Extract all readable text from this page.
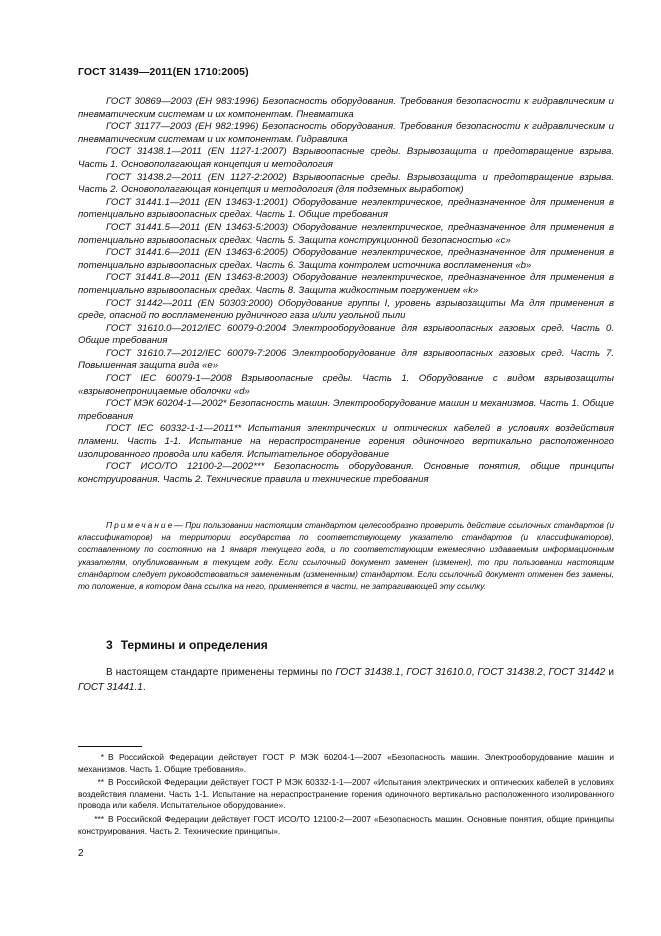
ГОСТ 31439—2011(EN 1710:2005)

ГОСТ 30869—2003 (ЕН 983:1996) Безопасность оборудования. Требования безопасности к гидравлическим и пневматическим системам и их компонентам. Пневматика

ГОСТ 31177—2003 (ЕН 982:1996) Безопасность оборудования. Требования безопасности к гидравлическим и пневматическим системам и их компонентам. Гидравлика

ГОСТ 31438.1—2011 (EN 1127-1:2007) Взрывоопасные среды. Взрывозащита и предотвращение взрыва. Часть 1. Основополагающая концепция и методология

ГОСТ 31438.2—2011 (EN 1127-2:2002) Взрывоопасные среды. Взрывозащита и предотвращение взрыва. Часть 2. Основополагающая концепция и методология (для подземных выработок)

ГОСТ 31441.1—2011 (EN 13463-1:2001) Оборудование неэлектрическое, предназначенное для применения в потенциально взрывоопасных средах. Часть 1. Общие требования

ГОСТ 31441.5—2011 (EN 13463-5:2003) Оборудование неэлектрическое, предназначенное для применения в потенциально взрывоопасных средах. Часть 5. Защита конструкционной безопасностью «с»

ГОСТ 31441.6—2011 (EN 13463-6:2005) Оборудование неэлектрическое, предназначенное для применения в потенциально взрывоопасных средах. Часть 6. Защита контролем источника воспламенения «b»

ГОСТ 31441.8—2011 (EN 13463-8:2003) Оборудование неэлектрическое, предназначенное для применения в потенциально взрывоопасных средах. Часть 8. Защита жидкостным погружением «k»

ГОСТ 31442—2011 (EN 50303:2000) Оборудование группы I, уровень взрывозащиты Ма для применения в среде, опасной по воспламенению рудничного газа и/или угольной пыли

ГОСТ 31610.0—2012/IEC 60079-0:2004 Электрооборудование для взрывоопасных газовых сред. Часть 0. Общие требования

ГОСТ 31610.7—2012/IEC 60079-7:2006 Электрооборудование для взрывоопасных газовых сред. Часть 7. Повышенная защита вида «е»

ГОСТ IEC 60079-1—2008 Взрывоопасные среды. Часть 1. Оборудование с видом взрывозащиты «взрывонепроницаемые оболочки «d»

ГОСТ МЭК 60204-1—2002* Безопасность машин. Электрооборудование машин и механизмов. Часть 1. Общие требования

ГОСТ IEC 60332-1-1—2011** Испытания электрических и оптических кабелей в условиях воздействия пламени. Часть 1-1. Испытание на нераспространение горения одиночного вертикально расположенного изолированного провода или кабеля. Испытательное оборудование

ГОСТ ИСО/ТО 12100-2—2002*** Безопасность оборудования. Основные понятия, общие принципы конструирования. Часть 2. Технические правила и технические требования

Примечание— При пользовании настоящим стандартом целесообразно проверить действие ссылочных стандартов (и классификаторов) на территории государства по соответствующему указателю стандартов (и классификаторов), составленному по состоянию на 1 января текущего года, и по соответствующим ежемесячно издаваемым информационным указателям, опубликованным в текущем году. Если ссылочный документ заменен (изменен), то при пользовании настоящим стандартом следует руководствоваться замененным (измененным) стандартом. Если ссылочный документ отменен без замены, то положение, в котором дана ссылка на него, применяется в части, не затрагивающей эту ссылку.

3 Термины и определения

В настоящем стандарте применены термины по ГОСТ 31438.1, ГОСТ 31610.0, ГОСТ 31438.2, ГОСТ 31442 и ГОСТ 31441.1.

* В Российской Федерации действует ГОСТ Р МЭК 60204-1—2007 «Безопасность машин. Электрооборудование машин и механизмов. Часть 1. Общие требования».

** В Российской Федерации действует ГОСТ Р МЭК 60332-1-1—2007 «Испытания электрических и оптических кабелей в условиях воздействия пламени. Часть 1-1. Испытание на нераспространение горения одиночного вертикально расположенного изолированного провода или кабеля. Испытательное оборудование».

*** В Российской Федерации действует ГОСТ ИСО/ТО 12100-2—2007 «Безопасность машин. Основные понятия, общие принципы конструирования. Часть 2. Технические принципы».

2
